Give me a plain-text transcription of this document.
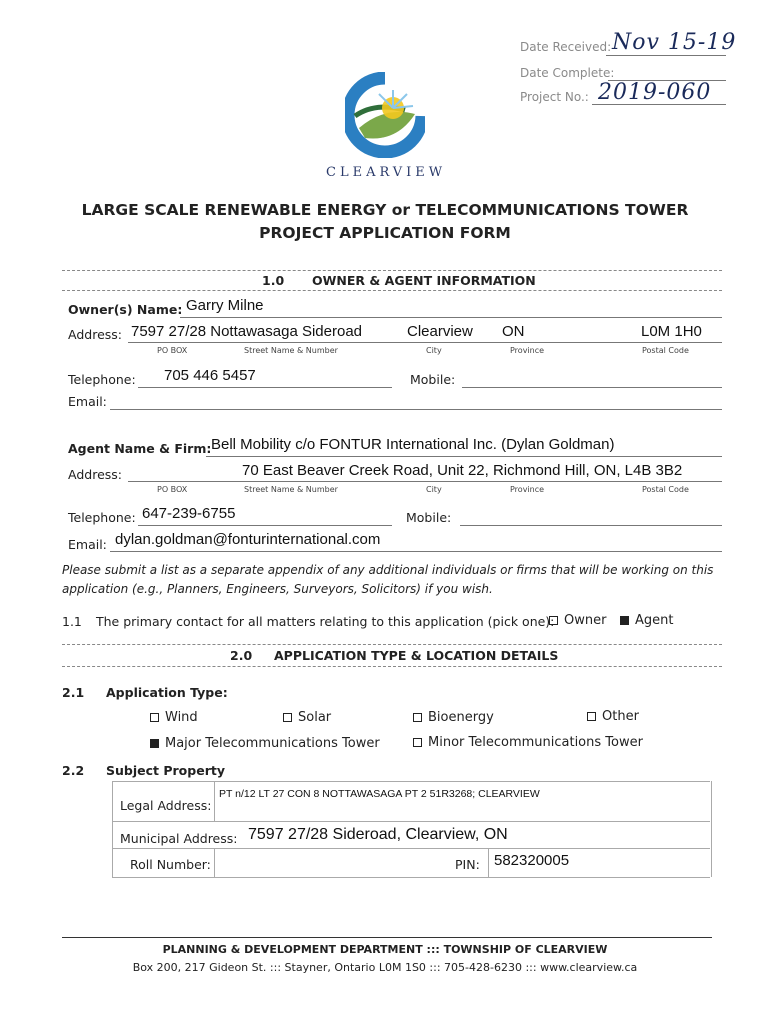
Date Received: Nov 15-19
Date Complete:
Project No.: 2019-060
CLEARVIEW
LARGE SCALE RENEWABLE ENERGY or TELECOMMUNICATIONS TOWER
PROJECT APPLICATION FORM
1.0 OWNER & AGENT INFORMATION
Owner(s) Name: Garry Milne
Address: 7597 27/28 Nottawasaga Sideroad	Clearview ON	L0M 1H0
PO BOX	Street Name & Number	City	Province	Postal Code
Telephone: 705 446 5457	Mobile:
Email:
Agent Name & Firm: Bell Mobility c/o FONTUR International Inc. (Dylan Goldman)
Address:	70 East Beaver Creek Road, Unit 22, Richmond Hill, ON, L4B 3B2
PO BOX	Street Name & Number	City	Province	Postal Code
Telephone: 647-239-6755	Mobile:
Email: dylan.goldman@fonturinternational.com
Please submit a list as a separate appendix of any additional individuals or firms that will be working on this application (e.g., Planners, Engineers, Surveyors, Solicitors) if you wish.
1.1 The primary contact for all matters relating to this application (pick one): Owner	Agent
2.0 APPLICATION TYPE & LOCATION DETAILS
2.1 Application Type:
Wind	Solar	Bioenergy	Other
Major Telecommunications Tower	Minor Telecommunications Tower
2.2 Subject Property
Legal Address:
PT n/12 LT 27 CON 8 NOTTAWASAGA PT 2 51R3268; CLEARVIEW
Municipal Address: 7597 27/28 Sideroad, Clearview, ON
Roll Number:	PIN: 582320005
PLANNING & DEVELOPMENT DEPARTMENT ::: TOWNSHIP OF CLEARVIEW
Box 200, 217 Gideon St. ::: Stayner, Ontario L0M 1S0 ::: 705-428-6230 ::: www.clearview.ca
